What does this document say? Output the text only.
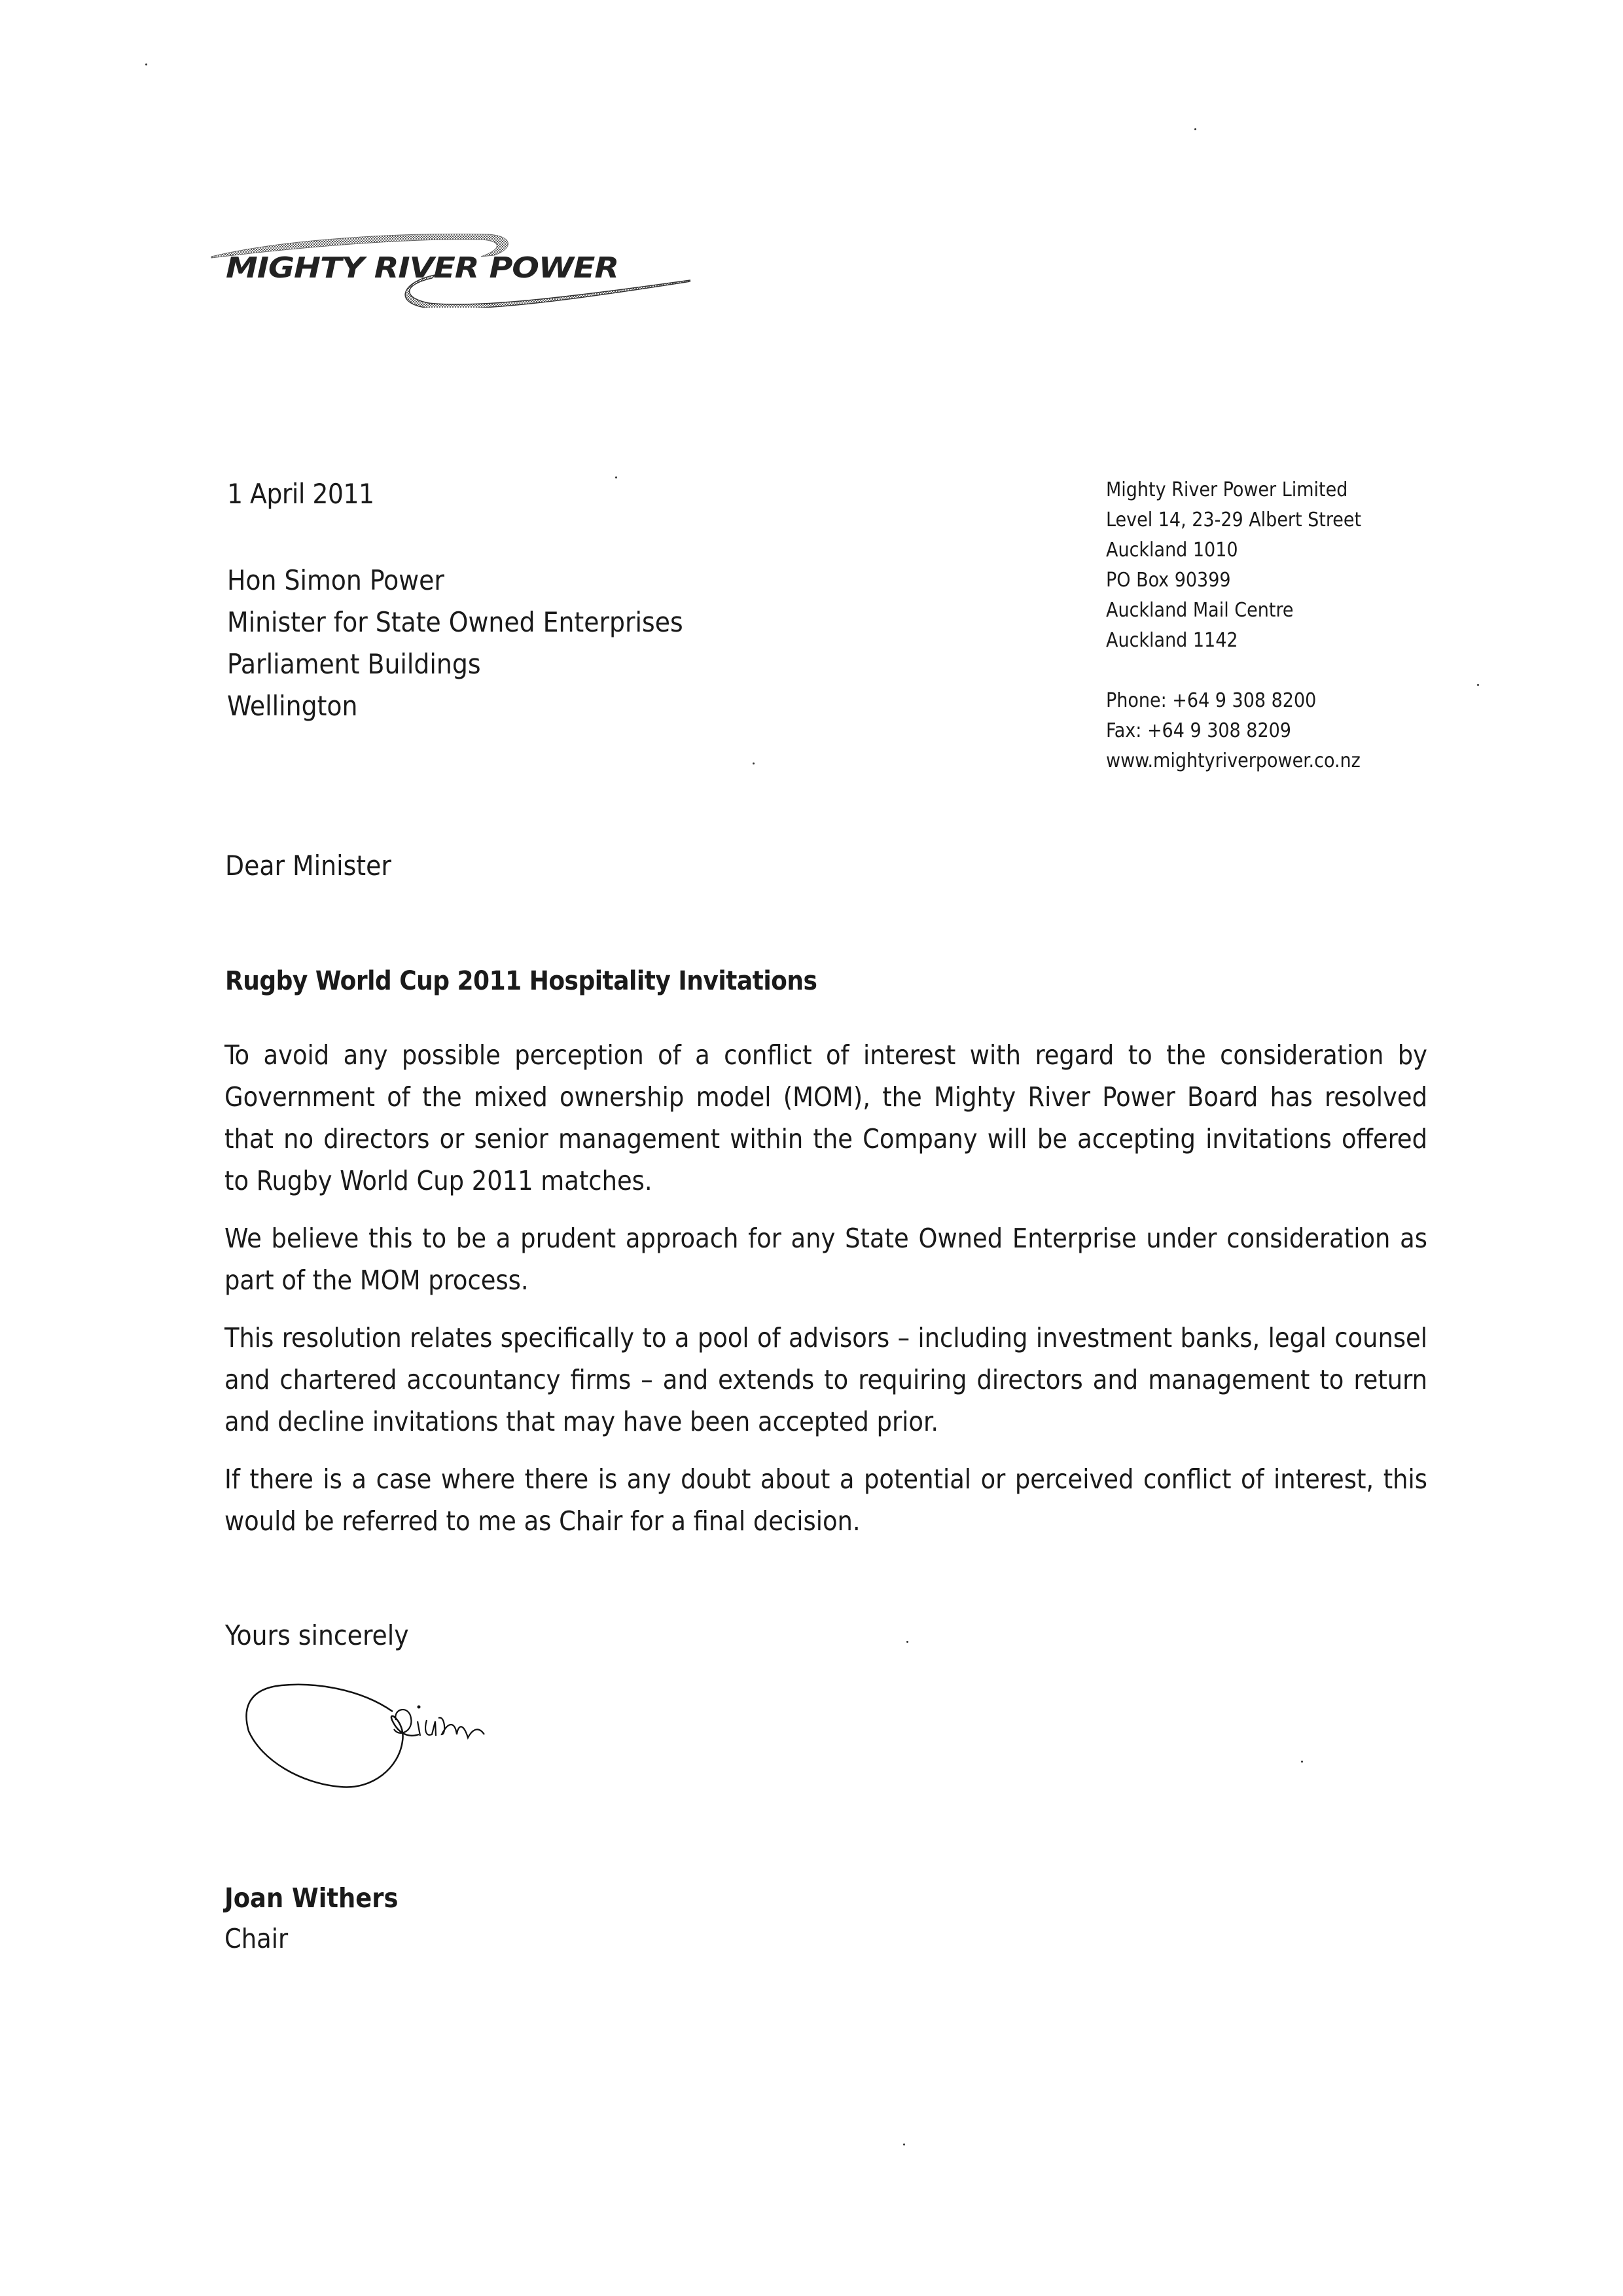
MIGHTY RIVER POWER
Mighty River Power Limited
Level 14, 23-29 Albert Street
Auckland 1010
PO Box 90399
Auckland Mail Centre
Auckland 1142
Phone: +64 9 308 8200
Fax: +64 9 308 8209
www.mightyriverpower.co.nz
1 April 2011
Hon Simon Power
Minister for State Owned Enterprises
Parliament Buildings
Wellington
Dear Minister
Rugby World Cup 2011 Hospitality Invitations

To avoid any possible perception of a conflict of interest with regard to the consideration by Government of the mixed ownership model (MOM), the Mighty River Power Board has resolved that no directors or senior management within the Company will be accepting invitations offered to Rugby World Cup 2011 matches.

We believe this to be a prudent approach for any State Owned Enterprise under consideration as part of the MOM process.

This resolution relates specifically to a pool of advisors – including investment banks, legal counsel and chartered accountancy firms – and extends to requiring directors and management to return and decline invitations that may have been accepted prior.

If there is a case where there is any doubt about a potential or perceived conflict of interest, this would be referred to me as Chair for a final decision.

Yours sincerely
Joan Withers
Chair
